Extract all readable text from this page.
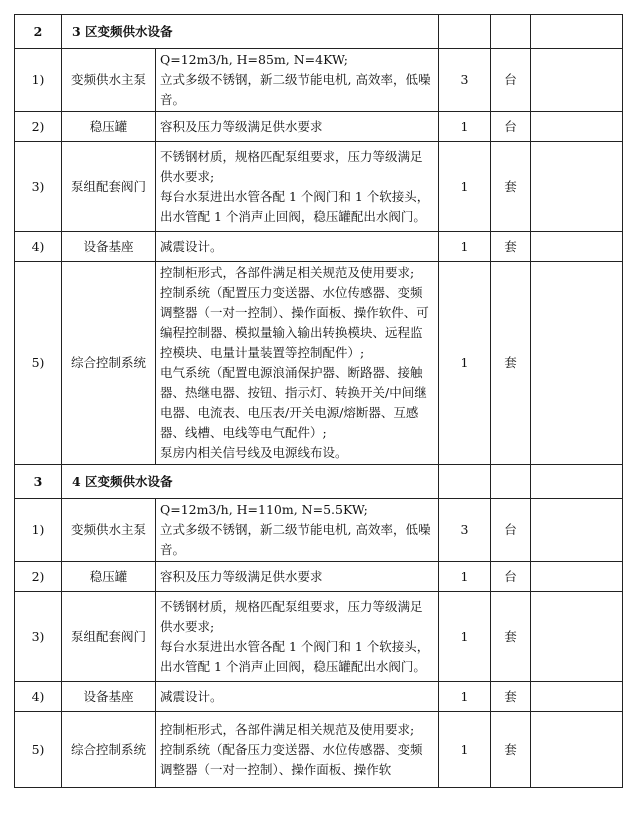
2	3 区变频供水设备				
1)	变频供水主泵	Q=12m3/h, H=85m, N=4KW;
立式多级不锈钢，新二级节能电机, 高效率，低噪音。	3	台	
2)	稳压罐	容积及压力等级满足供水要求	1	台	
3)	泵组配套阀门	不锈钢材质，规格匹配泵组要求，压力等级满足供水要求;
每台水泵进出水管各配 1 个阀门和 1 个软接头，出水管配 1 个消声止回阀，稳压罐配出水阀门。	1	套	
4)	设备基座	减震设计。	1	套	
5)	综合控制系统	控制柜形式，各部件满足相关规范及使用要求;
控制系统（配置压力变送器、水位传感器、变频调整器（一对一控制）、操作面板、操作软件、可编程控制器、模拟量输入输出转换模块、远程监控模块、电量计量装置等控制配件）;
电气系统（配置电源浪涌保护器、断路器、接触器、热继电器、按钮、指示灯、转换开关/中间继电器、电流表、电压表/开关电源/熔断器、互感器、线槽、电线等电气配件）;
泵房内相关信号线及电源线布设。	1	套	
3	4 区变频供水设备				
1)	变频供水主泵	Q=12m3/h, H=110m, N=5.5KW;
立式多级不锈钢，新二级节能电机, 高效率，低噪音。	3	台	
2)	稳压罐	容积及压力等级满足供水要求	1	台	
3)	泵组配套阀门	不锈钢材质，规格匹配泵组要求，压力等级满足供水要求;
每台水泵进出水管各配 1 个阀门和 1 个软接头，出水管配 1 个消声止回阀，稳压罐配出水阀门。	1	套	
4)	设备基座	减震设计。	1	套	
5)	综合控制系统	控制柜形式，各部件满足相关规范及使用要求;
控制系统（配备压力变送器、水位传感器、变频调整器（一对一控制）、操作面板、操作软	1	套	
